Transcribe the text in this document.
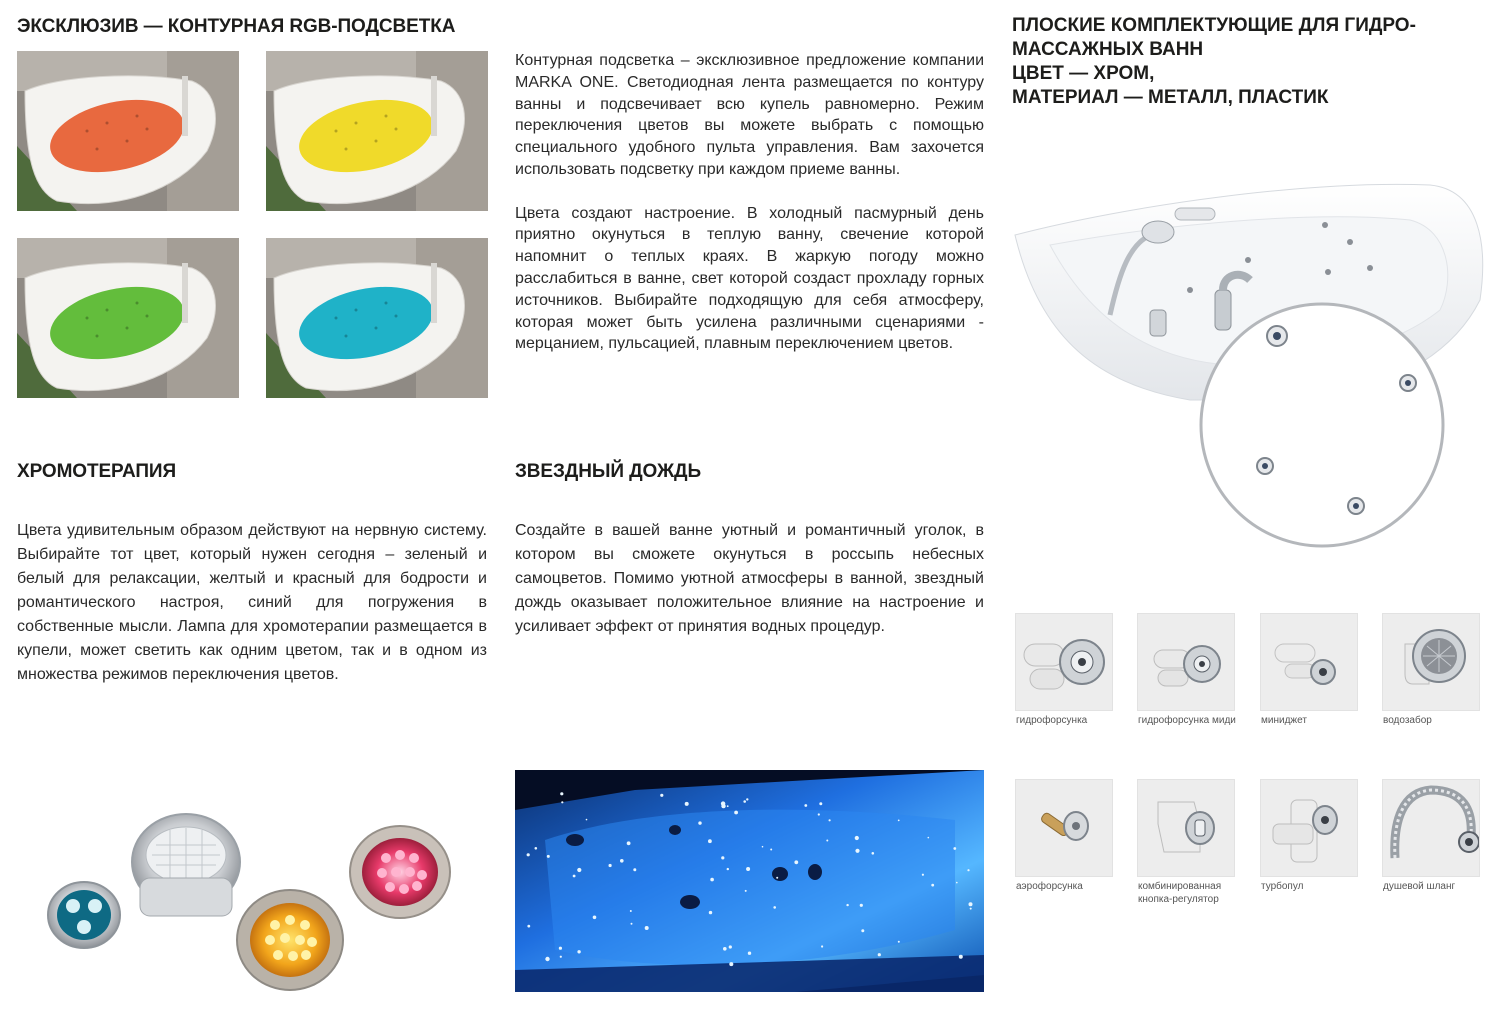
ЭКСКЛЮЗИВ — КОНТУРНАЯ RGB-ПОДСВЕТКА

Контурная подсветка – эксклюзивное предложение компании MARKA ONE. Светодиодная лента размещается по контуру ванны и подсвечивает всю купель равномерно. Режим переключения цветов вы можете выбрать с помощью специального удобного пульта управления. Вам захочется использовать подсветку при каждом приеме ванны.

Цвета создают настроение. В холодный пасмурный день приятно окунуться в теплую ванну, свечение которой напомнит о теплых краях. В жаркую погоду можно расслабиться в ванне, свет которой создаст прохладу горных источников. Выбирайте подходящую для себя атмосферу, которая может быть усилена различными сценариями - мерцанием, пульсацией, плавным переключением цветов.

ХРОМОТЕРАПИЯ
Цвета удивительным образом действуют на нервную систему. Выбирайте тот цвет, который нужен сегодня – зеленый и белый для релаксации, желтый и красный для бодрости и романтического настроя, синий для погружения в собственные мысли. Лампа для хромотерапии размещается в купели, может светить как одним цветом, так и в одном из множества режимов переключения цветов.
ЗВЕЗДНЫЙ ДОЖДЬ
Создайте в вашей ванне уютный и романтичный уголок, в котором вы сможете окунуться в россыпь небесных самоцветов. Помимо уютной атмосферы в ванной, звездный дождь оказывает положительное влияние на настроение и усиливает эффект от принятия водных процедур.
ПЛОСКИЕ КОМПЛЕКТУЮЩИЕ ДЛЯ ГИДРО-
МАССАЖНЫХ ВАНН
ЦВЕТ — ХРОМ,
МАТЕРИАЛ — МЕТАЛЛ, ПЛАСТИК
гидрофорсунка	гидрофорсунка миди	миниджет	водозабор
аэрофорсунка	комбинированная кнопка-регулятор
турбопул	душевой шланг
